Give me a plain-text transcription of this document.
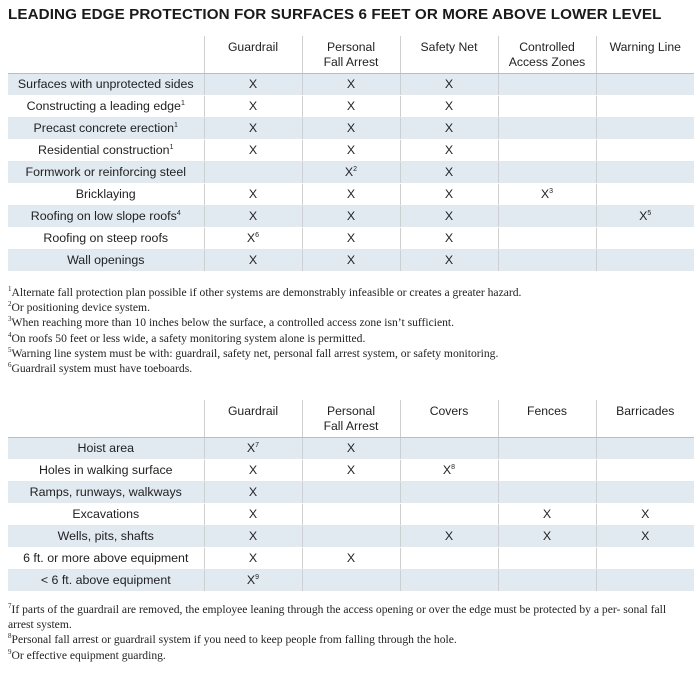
LEADING EDGE PROTECTION FOR SURFACES 6 FEET OR MORE ABOVE LOWER LEVEL
	Guardrail	Personal
Fall Arrest	Safety Net	Controlled
Access Zones	Warning Line

Surfaces with unprotected sides	X	X	X		
Constructing a leading edge$^1$	X	X	X		
Precast concrete erection$^1$	X	X	X		
Residential construction$^1$	X	X	X		
Formwork or reinforcing steel		$X^2$	X		
Bricklaying	X	X	X	$X^3$	
Roofing on low slope roofs$^4$	X	X	X		$X^5$
Roofing on steep roofs	$X^6$	X	X		
Wall openings	X	X	X		
$^1$Alternate fall protection plan possible if other systems are demonstrably infeasible or creates a greater hazard.
$^2$Or positioning device system.
$^3$When reaching more than 10 inches below the surface, a controlled access zone isn’t sufficient.
$^4$On roofs 50 feet or less wide, a safety monitoring system alone is permitted.
$^5$Warning line system must be with: guardrail, safety net, personal fall arrest system, or safety monitoring.
$^6$Guardrail system must have toeboards.
	Guardrail	Personal
Fall Arrest	Covers	Fences	Barricades

Hoist area	$X^7$	X			
Holes in walking surface	X	X	$X^8$		
Ramps, runways, walkways	X				
Excavations	X			X	X
Wells, pits, shafts	X		X	X	X
6 ft. or more above equipment	X	X			
< 6 ft. above equipment	$X^9$				
$^7$If parts of the guardrail are removed, the employee leaning through the access opening or over the edge must be protected by a per- sonal fall arrest system.
$^8$Personal fall arrest or guardrail system if you need to keep people from falling through the hole.
$^9$Or effective equipment guarding.
